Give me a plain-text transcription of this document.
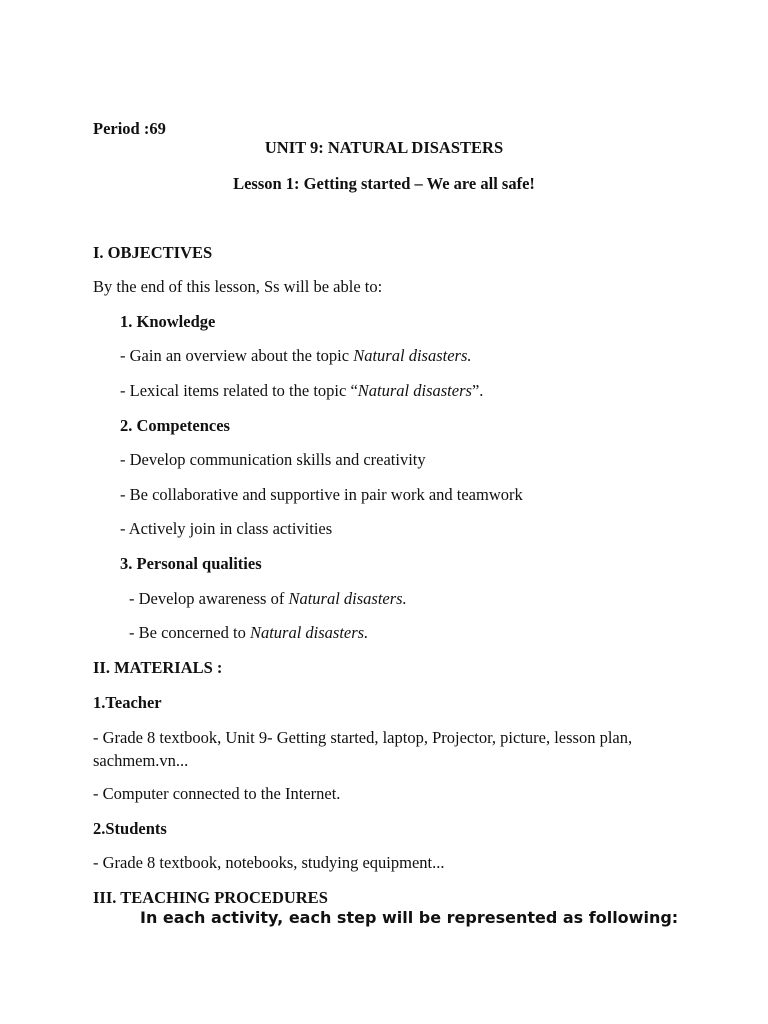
Period :69
UNIT 9: NATURAL DISASTERS
Lesson 1: Getting started – We are all safe!
I. OBJECTIVES
By the end of this lesson, Ss will be able to:
1. Knowledge
- Gain an overview about the topic Natural disasters.
- Lexical items related to the topic “Natural disasters”.
2. Competences
- Develop communication skills and creativity
- Be collaborative and supportive in pair work and teamwork
- Actively join in class activities
3. Personal qualities
- Develop awareness of Natural disasters.
- Be concerned to Natural disasters.
II. MATERIALS :
1.Teacher
- Grade 8 textbook, Unit 9- Getting started, laptop, Projector, picture, lesson plan, sachmem.vn...
- Computer connected to the Internet.
2.Students
- Grade 8 textbook, notebooks, studying equipment...
III. TEACHING PROCEDURES
In each activity, each step will be represented as following:
